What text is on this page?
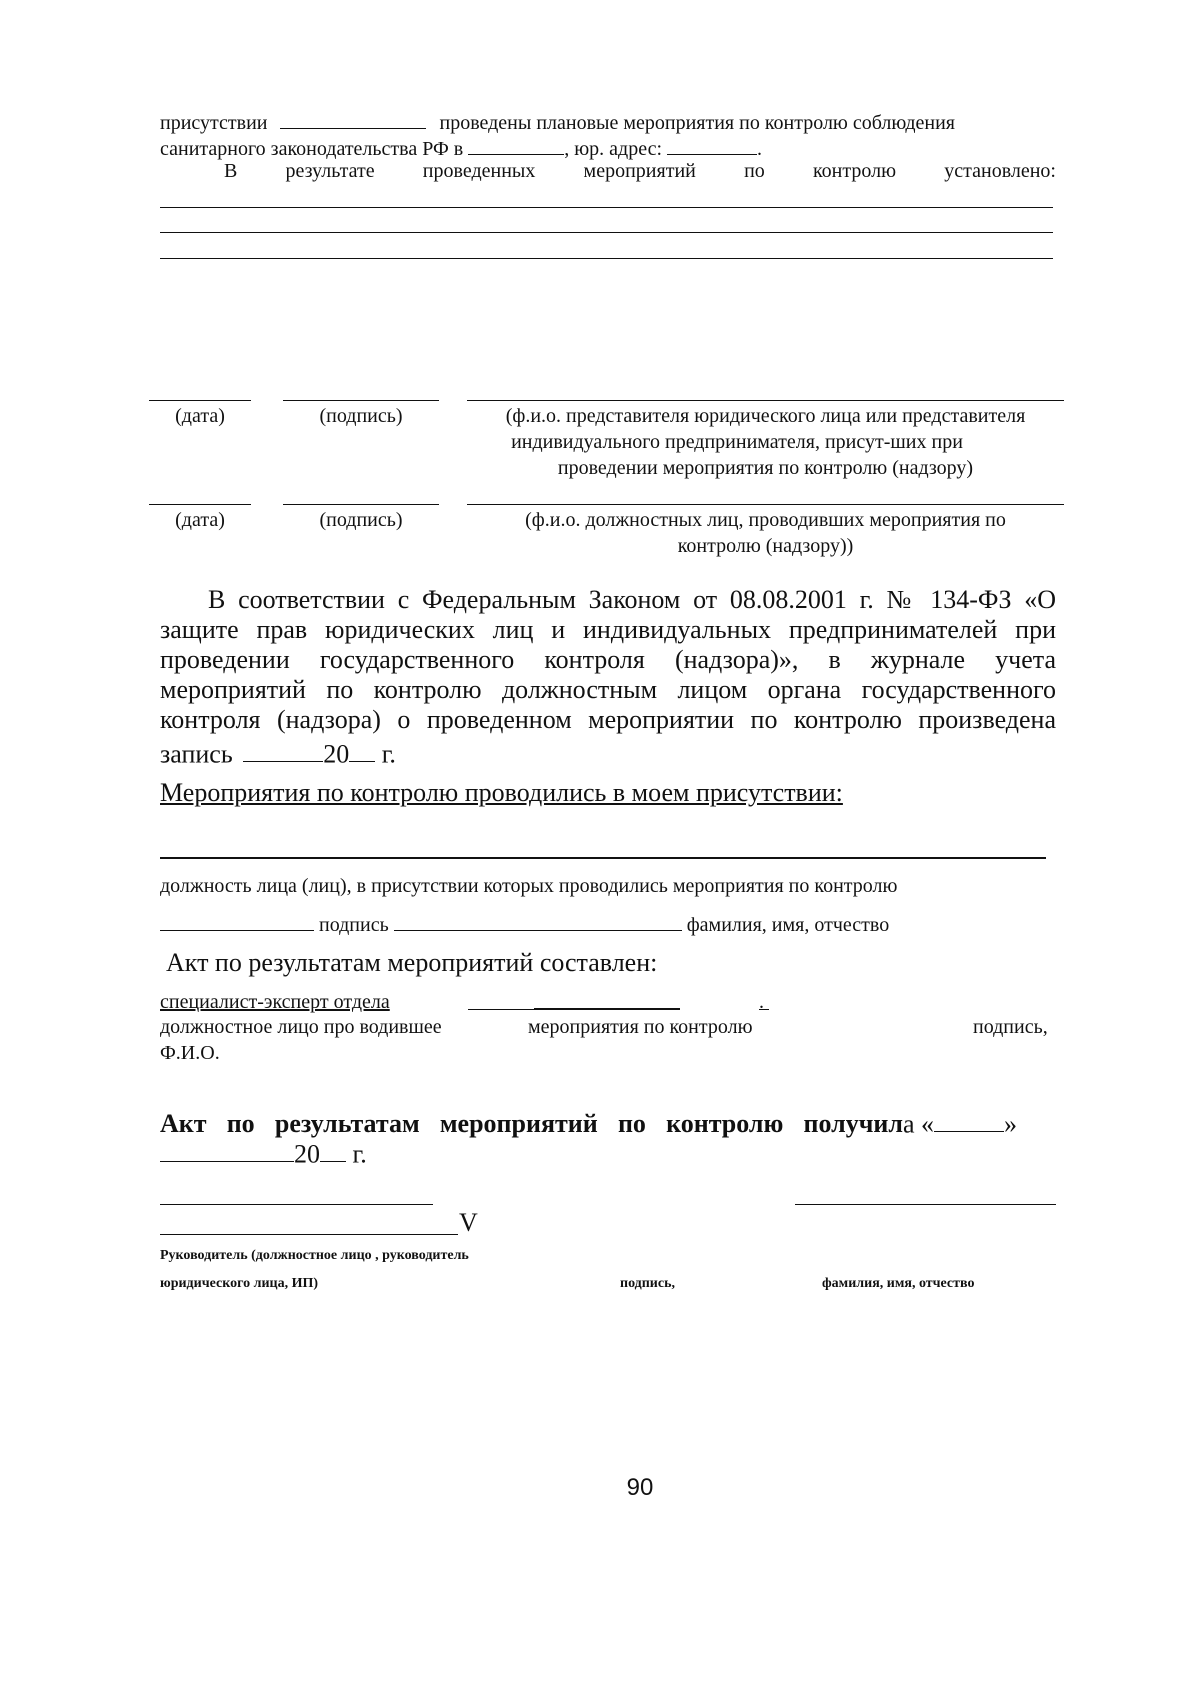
присутствии	проведены плановые мероприятия по контролю соблюдения
санитарного законодательства РФ в	, юр. адрес:	.
В результате проведенных мероприятий по контролю установлено:
(дата)	(подпись)	(ф.и.о. представителя юридического лица или представителя
индивидуального предпринимателя, присут-ших при
проведении мероприятия по контролю (надзору)
(дата)	(подпись)	(ф.и.о. должностных лиц, проводивших мероприятия по
контролю (надзору))
В соответствии с Федеральным Законом от 08.08.2001 г. № 134-ФЗ «О
защите прав юридических лиц и индивидуальных предпринимателей при
проведении государственного контроля (надзора)», в журнале учета
мероприятий по контролю должностным лицом органа государственного
контроля (надзора) о проведенном мероприятии по контролю произведена
запись	20 г.
Мероприятия по контролю проводились в моем присутствии:
должность лица (лиц), в присутствии которых проводились мероприятия по контролю
подпись	фамилия, имя, отчество
Акт по результатам мероприятий составлен:
специалист-эксперт отдела	.
должностное лицо про водившее	мероприятия по контролю	подпись,
Ф.И.О.
Акт по результатам мероприятий по контролю получила «	»
20 г.
V
Руководитель (должностное лицо , руководитель
юридического лица, ИП)	подпись,	фамилия, имя, отчество
90
